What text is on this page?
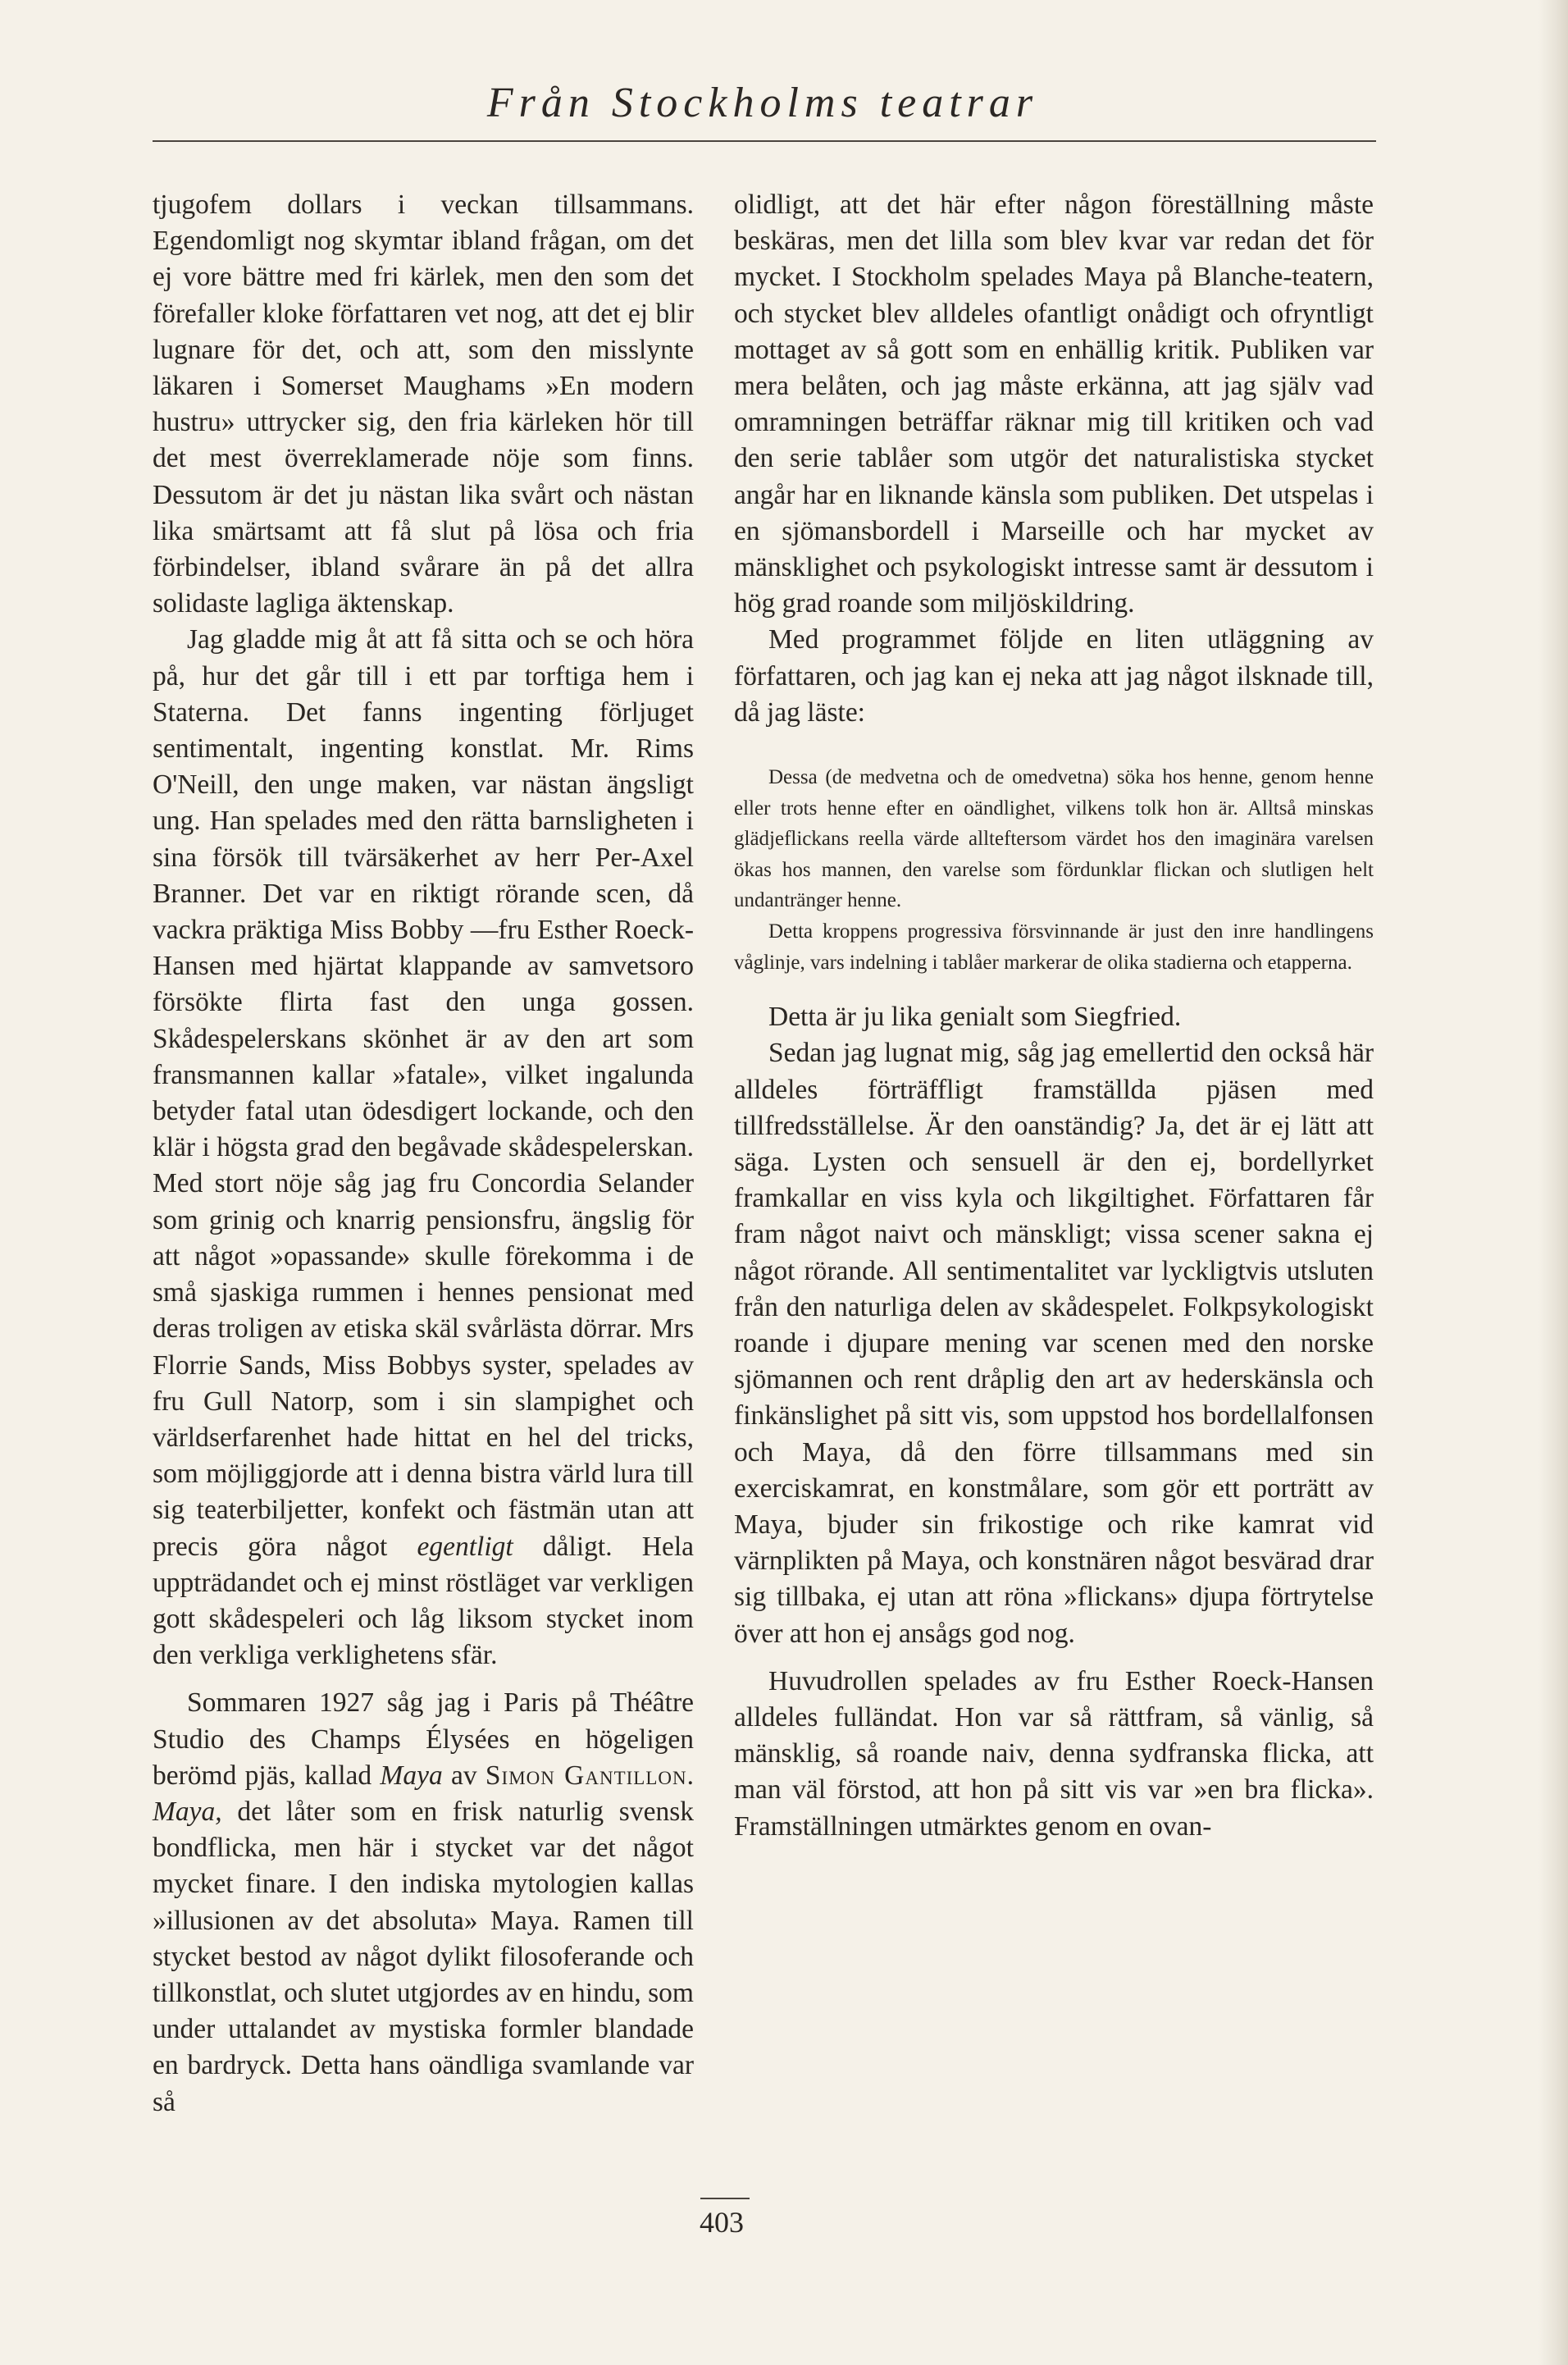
Från Stockholms teatrar

tjugofem dollars i veckan tillsammans. Egendomligt nog skymtar ibland frågan, om det ej vore bättre med fri kärlek, men den som det förefaller kloke författaren vet nog, att det ej blir lugnare för det, och att, som den misslynte läkaren i Somerset Maughams »En modern hustru» uttrycker sig, den fria kärleken hör till det mest överreklamerade nöje som finns. Dessutom är det ju nästan lika svårt och nästan lika smärtsamt att få slut på lösa och fria förbindelser, ibland svårare än på det allra solidaste lagliga äktenskap.

Jag gladde mig åt att få sitta och se och höra på, hur det går till i ett par torftiga hem i Staterna. Det fanns ingenting förljuget sentimentalt, ingenting konstlat. Mr. Rims O'Neill, den unge maken, var nästan ängsligt ung. Han spelades med den rätta barnsligheten i sina försök till tvärsäkerhet av herr Per-Axel Branner. Det var en riktigt rörande scen, då vackra präktiga Miss Bobby —fru Esther Roeck-Hansen med hjärtat klappande av samvetsoro försökte flirta fast den unga gossen. Skådespelerskans skönhet är av den art som fransmannen kallar »fatale», vilket ingalunda betyder fatal utan ödesdigert lockande, och den klär i högsta grad den begåvade skådespelerskan. Med stort nöje såg jag fru Concordia Selander som grinig och knarrig pensionsfru, ängslig för att något »opassande» skulle förekomma i de små sjaskiga rummen i hennes pensionat med deras troligen av etiska skäl svårlästa dörrar. Mrs Florrie Sands, Miss Bobbys syster, spelades av fru Gull Natorp, som i sin slampighet och världserfarenhet hade hittat en hel del tricks, som möjliggjorde att i denna bistra värld lura till sig teaterbiljetter, konfekt och fästmän utan att precis göra något egentligt dåligt. Hela uppträdandet och ej minst röstläget var verkligen gott skådespeleri och låg liksom stycket inom den verkliga verklighetens sfär.

Sommaren 1927 såg jag i Paris på Théâtre Studio des Champs Élysées en högeligen berömd pjäs, kallad Maya av Simon Gantillon. Maya, det låter som en frisk naturlig svensk bondflicka, men här i stycket var det något mycket finare. I den indiska mytologien kallas »illusionen av det absoluta» Maya. Ramen till stycket bestod av något dylikt filosoferande och tillkonstlat, och slutet utgjordes av en hindu, som under uttalandet av mystiska formler blandade en bardryck. Detta hans oändliga svamlande var så

olidligt, att det här efter någon föreställning måste beskäras, men det lilla som blev kvar var redan det för mycket. I Stockholm spelades Maya på Blanche-teatern, och stycket blev alldeles ofantligt onådigt och ofryntligt mottaget av så gott som en enhällig kritik. Publiken var mera belåten, och jag måste erkänna, att jag själv vad omramningen beträffar räknar mig till kritiken och vad den serie tablåer som utgör det naturalistiska stycket angår har en liknande känsla som publiken. Det utspelas i en sjömansbordell i Marseille och har mycket av mänsklighet och psykologiskt intresse samt är dessutom i hög grad roande som miljöskildring.

Med programmet följde en liten utläggning av författaren, och jag kan ej neka att jag något ilsknade till, då jag läste:

Dessa (de medvetna och de omedvetna) söka hos henne, genom henne eller trots henne efter en oändlighet, vilkens tolk hon är. Alltså minskas glädjeflickans reella värde allteftersom värdet hos den imaginära varelsen ökas hos mannen, den varelse som fördunklar flickan och slutligen helt undantränger henne.

Detta kroppens progressiva försvinnande är just den inre handlingens våglinje, vars indelning i tablåer markerar de olika stadierna och etapperna.

Detta är ju lika genialt som Siegfried.

Sedan jag lugnat mig, såg jag emellertid den också här alldeles förträffligt framställda pjäsen med tillfredsställelse. Är den oanständig? Ja, det är ej lätt att säga. Lysten och sensuell är den ej, bordellyrket framkallar en viss kyla och likgiltighet. Författaren får fram något naivt och mänskligt; vissa scener sakna ej något rörande. All sentimentalitet var lyckligtvis utsluten från den naturliga delen av skådespelet. Folkpsykologiskt roande i djupare mening var scenen med den norske sjömannen och rent dråplig den art av hederskänsla och finkänslighet på sitt vis, som uppstod hos bordellalfonsen och Maya, då den förre tillsammans med sin exerciskamrat, en konstmålare, som gör ett porträtt av Maya, bjuder sin frikostige och rike kamrat vid värnplikten på Maya, och konstnären något besvärad drar sig tillbaka, ej utan att röna »flickans» djupa förtrytelse över att hon ej ansågs god nog.

Huvudrollen spelades av fru Esther Roeck-Hansen alldeles fulländat. Hon var så rättfram, så vänlig, så mänsklig, så roande naiv, denna sydfranska flicka, att man väl förstod, att hon på sitt vis var »en bra flicka». Framställningen utmärktes genom en ovan-

403
